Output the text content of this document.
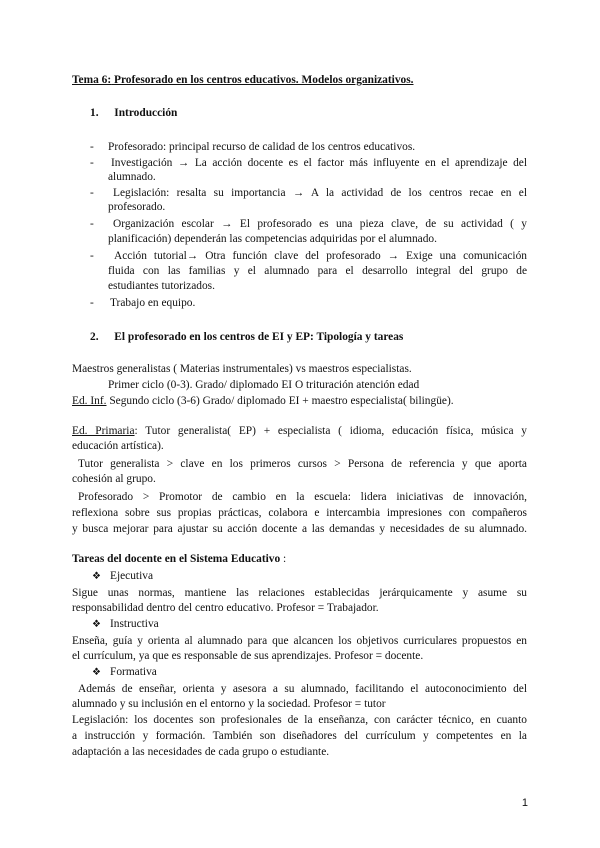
Tema 6: Profesorado en los centros educativos. Modelos organizativos.
1. Introducción
- Profesorado: principal recurso de calidad de los centros educativos.
- Investigación → La acción docente es el factor más influyente en el aprendizaje del
alumnado.
- Legislación: resalta su importancia → A la actividad de los centros recae en el
profesorado.
- Organización escolar → El profesorado es una pieza clave, de su actividad ( y
planificación) dependerán las competencias adquiridas por el alumnado.
- Acción tutorial→ Otra función clave del profesorado → Exige una comunicación
fluida con las familias y el alumnado para el desarrollo integral del grupo de
estudiantes tutorizados.
- Trabajo en equipo.
2. El profesorado en los centros de EI y EP: Tipología y tareas
Maestros generalistas ( Materias instrumentales) vs maestros especialistas.
Primer ciclo (0-3). Grado/ diplomado EI O trituración atención edad
Ed. Inf. Segundo ciclo (3-6) Grado/ diplomado EI + maestro especialista( bilingüe).
Ed. Primaria: Tutor generalista( EP) + especialista ( idioma, educación física, música y
educación artística).
Tutor generalista > clave en los primeros cursos > Persona de referencia y que aporta
cohesión al grupo.
Profesorado > Promotor de cambio en la escuela: lidera iniciativas de innovación,
reflexiona sobre sus propias prácticas, colabora e intercambia impresiones con compañeros
y busca mejorar para ajustar su acción docente a las demandas y necesidades de su alumnado.
Tareas del docente en el Sistema Educativo :
❖ Ejecutiva
Sigue unas normas, mantiene las relaciones establecidas jerárquicamente y asume su
responsabilidad dentro del centro educativo. Profesor = Trabajador.
❖ Instructiva
Enseña, guía y orienta al alumnado para que alcancen los objetivos curriculares propuestos en
el currículum, ya que es responsable de sus aprendizajes. Profesor = docente.
❖ Formativa
Además de enseñar, orienta y asesora a su alumnado, facilitando el autoconocimiento del
alumnado y su inclusión en el entorno y la sociedad. Profesor = tutor
Legislación: los docentes son profesionales de la enseñanza, con carácter técnico, en cuanto
a instrucción y formación. También son diseñadores del currículum y competentes en la
adaptación a las necesidades de cada grupo o estudiante.
1
